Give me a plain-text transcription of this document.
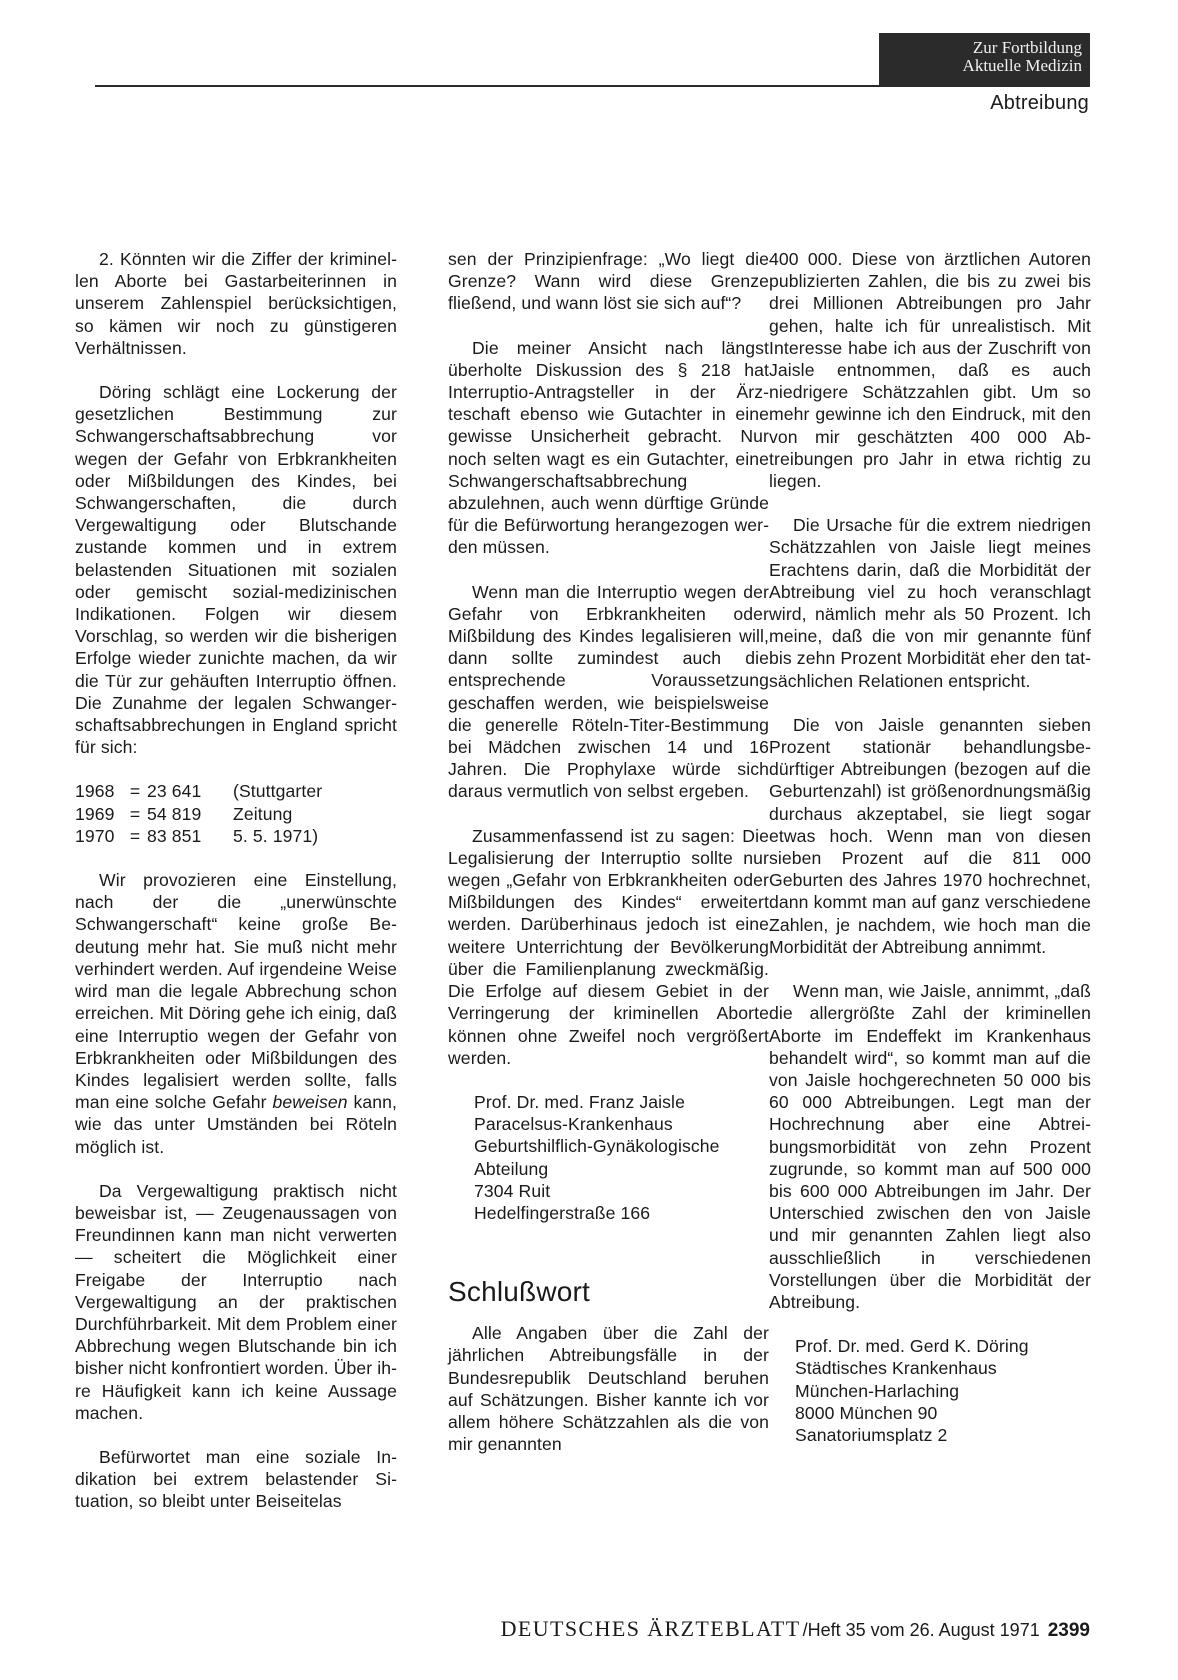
Zur Fortbildung
Aktuelle Medizin
Abtreibung

2. Könnten wir die Ziffer der kriminellen Aborte bei Gastarbeiterinnen in unserem Zahlenspiel berücksichtigen, so kämen wir noch zu günstigeren Verhältnissen.

Döring schlägt eine Lockerung der gesetzlichen Bestimmung zur Schwangerschaftsabbrechung vor wegen der Gefahr von Erbkrankheiten oder Mißbildungen des Kindes, bei Schwangerschaften, die durch Vergewaltigung oder Blutschande zustande kommen und in extrem belastenden Situationen mit sozialen oder gemischt sozial-medizinischen Indikationen. Folgen wir diesem Vorschlag, so werden wir die bisherigen Erfolge wieder zunichte machen, da wir die Tür zur gehäuften Interruptio öffnen. Die Zunahme der legalen Schwangerschaftsabbrechungen in England spricht für sich:

1968 = 23 641	(Stuttgarter
1969 = 54 819	Zeitung
1970 = 83 851	5. 5. 1971)

Wir provozieren eine Einstellung, nach der die „unerwünschte Schwangerschaft“ keine große Bedeutung mehr hat. Sie muß nicht mehr verhindert werden. Auf irgendeine Weise wird man die legale Abbrechung schon erreichen. Mit Döring gehe ich einig, daß eine Interruptio wegen der Gefahr von Erbkrankheiten oder Mißbildungen des Kindes legalisiert werden sollte, falls man eine solche Gefahr beweisen kann, wie das unter Umständen bei Röteln möglich ist.

Da Vergewaltigung praktisch nicht beweisbar ist, — Zeugenaussagen von Freundinnen kann man nicht verwerten — scheitert die Möglichkeit einer Freigabe der Interruptio nach Vergewaltigung an der praktischen Durchführbarkeit. Mit dem Problem einer Abbrechung wegen Blutschande bin ich bisher nicht konfrontiert worden. Über ihre Häufigkeit kann ich keine Aussage machen.

Befürwortet man eine soziale Indikation bei extrem belastender Situation, so bleibt unter Beiseitelas

sen der Prinzipienfrage: „Wo liegt die Grenze? Wann wird diese Grenze fließend, und wann löst sie sich auf“?

Die meiner Ansicht nach längst überholte Diskussion des § 218 hat Interruptio-Antragsteller in der Ärzteschaft ebenso wie Gutachter in eine gewisse Unsicherheit gebracht. Nur noch selten wagt es ein Gutachter, eine Schwangerschaftsabbrechung abzulehnen, auch wenn dürftige Gründe für die Befürwortung herangezogen werden müssen.

Wenn man die Interruptio wegen der Gefahr von Erbkrankheiten oder Mißbildung des Kindes legalisieren will, dann sollte zumindest auch die entsprechende Voraussetzung geschaffen werden, wie beispielsweise die generelle Röteln-Titer-Bestimmung bei Mädchen zwischen 14 und 16 Jahren. Die Prophylaxe würde sich daraus vermutlich von selbst ergeben.

Zusammenfassend ist zu sagen: Die Legalisierung der Interruptio sollte nur wegen „Gefahr von Erbkrankheiten oder Mißbildungen des Kindes“ erweitert werden. Darüberhinaus jedoch ist eine weitere Unterrichtung der Bevölkerung über die Familienplanung zweckmäßig. Die Erfolge auf diesem Gebiet in der Verringerung der kriminellen Aborte können ohne Zweifel noch vergrößert werden.

Prof. Dr. med. Franz Jaisle
Paracelsus-Krankenhaus
Geburtshilflich-Gynäkologische
Abteilung
7304 Ruit
Hedelfingerstraße 166
Schlußwort

Alle Angaben über die Zahl der jährlichen Abtreibungsfälle in der Bundesrepublik Deutschland beruhen auf Schätzungen. Bisher kannte ich vor allem höhere Schätzzahlen als die von mir genannten

400 000. Diese von ärztlichen Autoren publizierten Zahlen, die bis zu zwei bis drei Millionen Abtreibungen pro Jahr gehen, halte ich für unrealistisch. Mit Interesse habe ich aus der Zuschrift von Jaisle entnommen, daß es auch niedrigere Schätzzahlen gibt. Um so mehr gewinne ich den Eindruck, mit den von mir geschätzten 400 000 Abtreibungen pro Jahr in etwa richtig zu liegen.

Die Ursache für die extrem niedrigen Schätzzahlen von Jaisle liegt meines Erachtens darin, daß die Morbidität der Abtreibung viel zu hoch veranschlagt wird, nämlich mehr als 50 Prozent. Ich meine, daß die von mir genannte fünf bis zehn Prozent Morbidität eher den tatsächlichen Relationen entspricht.

Die von Jaisle genannten sieben Prozent stationär behandlungsbedürftiger Abtreibungen (bezogen auf die Geburtenzahl) ist größenordnungsmäßig durchaus akzeptabel, sie liegt sogar etwas hoch. Wenn man von diesen sieben Prozent auf die 811 000 Geburten des Jahres 1970 hochrechnet, dann kommt man auf ganz verschiedene Zahlen, je nachdem, wie hoch man die Morbidität der Abtreibung annimmt.

Wenn man, wie Jaisle, annimmt, „daß die allergrößte Zahl der kriminellen Aborte im Endeffekt im Krankenhaus behandelt wird“, so kommt man auf die von Jaisle hochgerechneten 50 000 bis 60 000 Abtreibungen. Legt man der Hochrechnung aber eine Abtreibungsmorbidität von zehn Prozent zugrunde, so kommt man auf 500 000 bis 600 000 Abtreibungen im Jahr. Der Unterschied zwischen den von Jaisle und mir genannten Zahlen liegt also ausschließlich in verschiedenen Vorstellungen über die Morbidität der Abtreibung.

Prof. Dr. med. Gerd K. Döring
Städtisches Krankenhaus
München-Harlaching
8000 München 90
Sanatoriumsplatz 2
DEUTSCHES ÄRZTEBLATT /Heft 35 vom 26. August 1971 2399
